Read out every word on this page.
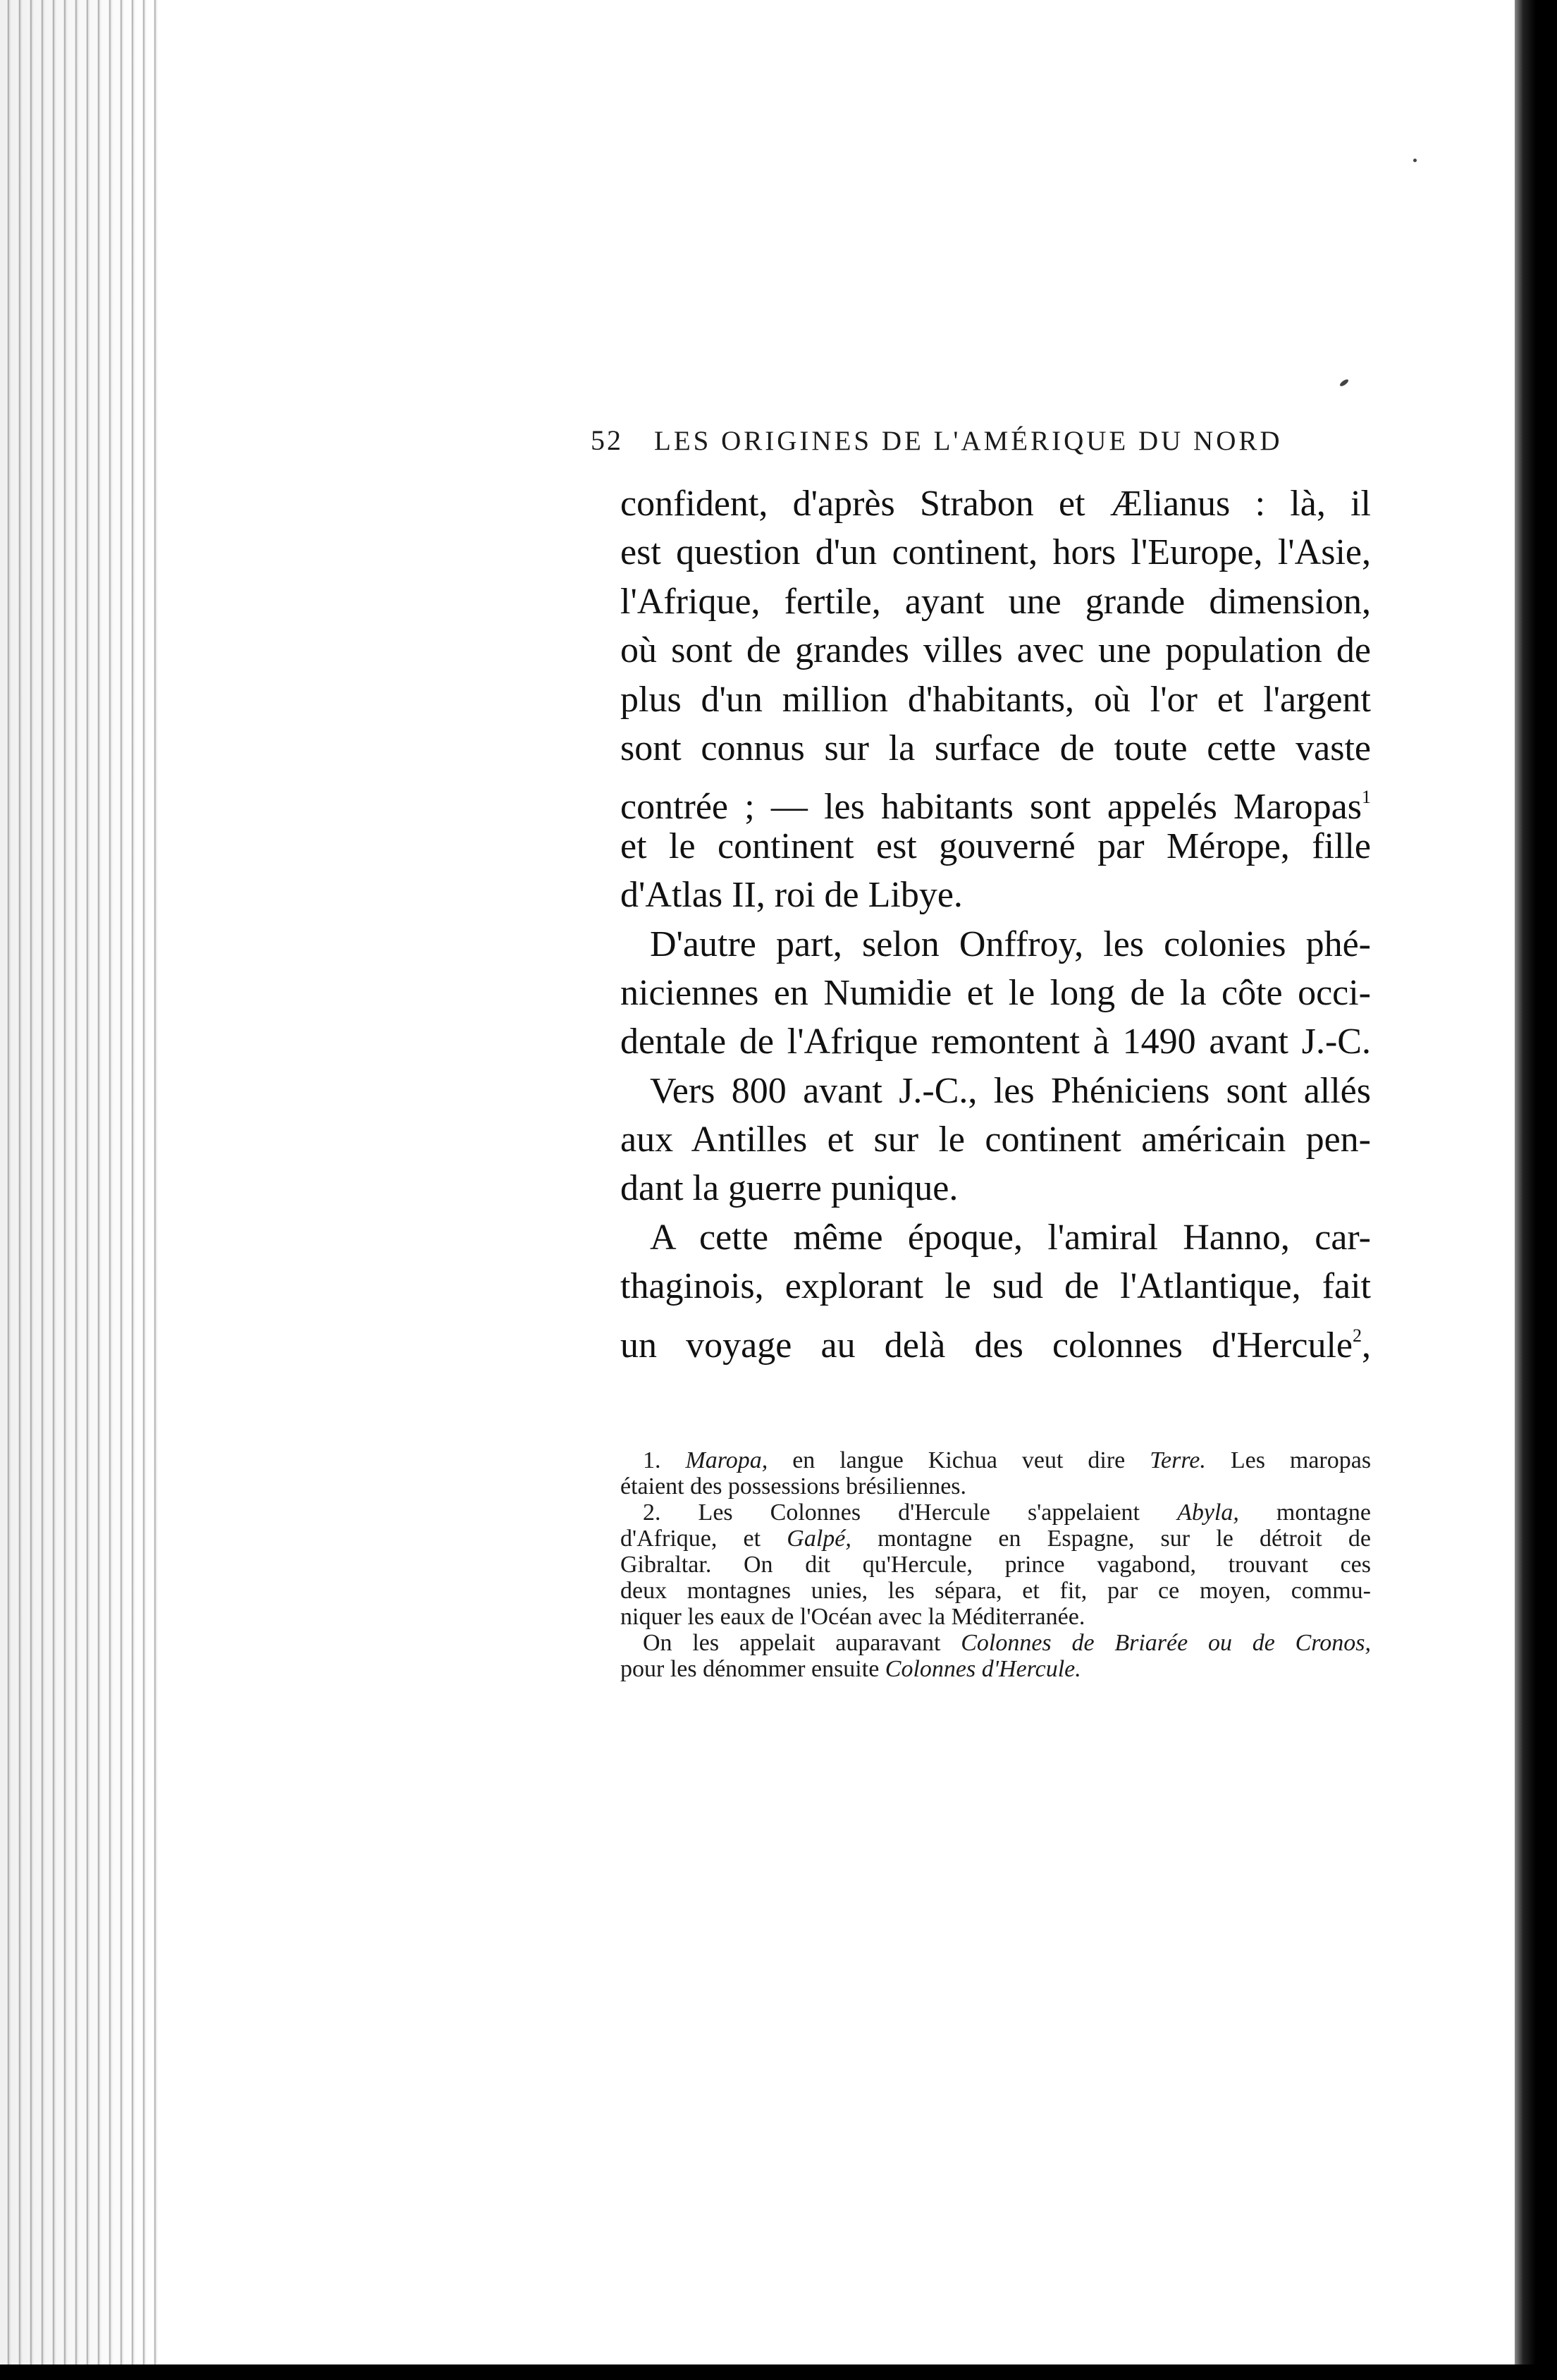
52	LES ORIGINES DE L'AMÉRIQUE DU NORD
confident, d'après Strabon et Ælianus : là, il
est question d'un continent, hors l'Europe, l'Asie,
l'Afrique, fertile, ayant une grande dimension,
où sont de grandes villes avec une population de
plus d'un million d'habitants, où l'or et l'argent
sont connus sur la surface de toute cette vaste
contrée ; — les habitants sont appelés Maropas$^1$
et le continent est gouverné par Mérope, fille
d'Atlas II, roi de Libye.
D'autre part, selon Onffroy, les colonies phé-
niciennes en Numidie et le long de la côte occi-
dentale de l'Afrique remontent à 1490 avant J.-C.
Vers 800 avant J.-C., les Phéniciens sont allés
aux Antilles et sur le continent américain pen-
dant la guerre punique.
A cette même époque, l'amiral Hanno, car-
thaginois, explorant le sud de l'Atlantique, fait
un voyage au delà des colonnes d'Hercule$^2$,
1. Maropa, en langue Kichua veut dire Terre. Les maropas
étaient des possessions brésiliennes.
2. Les Colonnes d'Hercule s'appelaient Abyla, montagne
d'Afrique, et Galpé, montagne en Espagne, sur le détroit de
Gibraltar. On dit qu'Hercule, prince vagabond, trouvant ces
deux montagnes unies, les sépara, et fit, par ce moyen, commu-
niquer les eaux de l'Océan avec la Méditerranée.
On les appelait auparavant Colonnes de Briarée ou de Cronos,
pour les dénommer ensuite Colonnes d'Hercule.
